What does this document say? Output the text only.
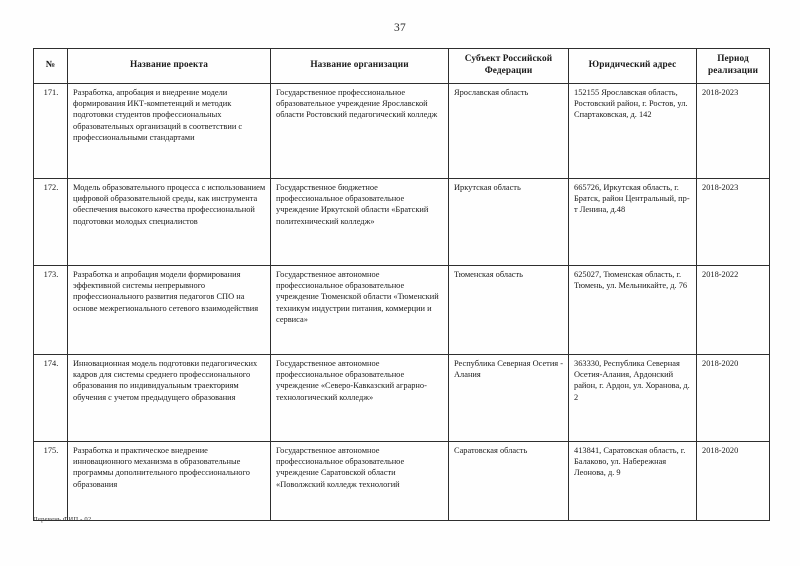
37
№	Название проекта	Название организации	Субъект Российской Федерации	Юридический адрес	Период реализации

171.	Разработка, апробация и внедрение модели формирования ИКТ-компетенций и методик подготовки студентов профессиональных образовательных организаций в соответствии с профессиональными стандартами	Государственное профессиональное образовательное учреждение Ярославской области Ростовский педагогический колледж	Ярославская область	152155 Ярославская область, Ростовский район, г. Ростов, ул. Спартаковская, д. 142	2018-2023

172.	Модель образовательного процесса с использованием цифровой образовательной среды, как инструмента обеспечения высокого качества профессиональной подготовки молодых специалистов	Государственное бюджетное профессиональное образовательное учреждение Иркутской области «Братский политехнический колледж»	Иркутская область	665726, Иркутская область, г. Братск, район Центральный, пр-т Ленина, д.48	2018-2023

173.	Разработка и апробация модели формирования эффективной системы непрерывного профессионального развития педагогов СПО на основе межрегионального сетевого взаимодействия	Государственное автономное профессиональное образовательное учреждение Тюменской области «Тюменский техникум индустрии питания, коммерции и сервиса»	Тюменская область	625027, Тюменская область, г. Тюмень, ул. Мельникайте, д. 76	2018-2022

174.	Инновационная модель подготовки педагогических кадров для системы среднего профессионального образования по индивидуальным траекториям обучения с учетом предыдущего образования	Государственное автономное профессиональное образовательное учреждение «Северо-Кавказский аграрно-технологический колледж»	Республика Северная Осетия - Алания	363330, Республика Северная Осетия-Алания, Ардонский район, г. Ардон, ул. Хоранова, д. 2	2018-2020

175.	Разработка и практическое внедрение инновационного механизма в образовательные программы дополнительного профессионального образования	Государственное автономное профессиональное образовательное учреждение Саратовской области «Поволжский колледж технологий	Саратовская область	413841, Саратовская область, г. Балаково, ул. Набережная Леонова, д. 9	2018-2020
Перечень ФИП - 02
